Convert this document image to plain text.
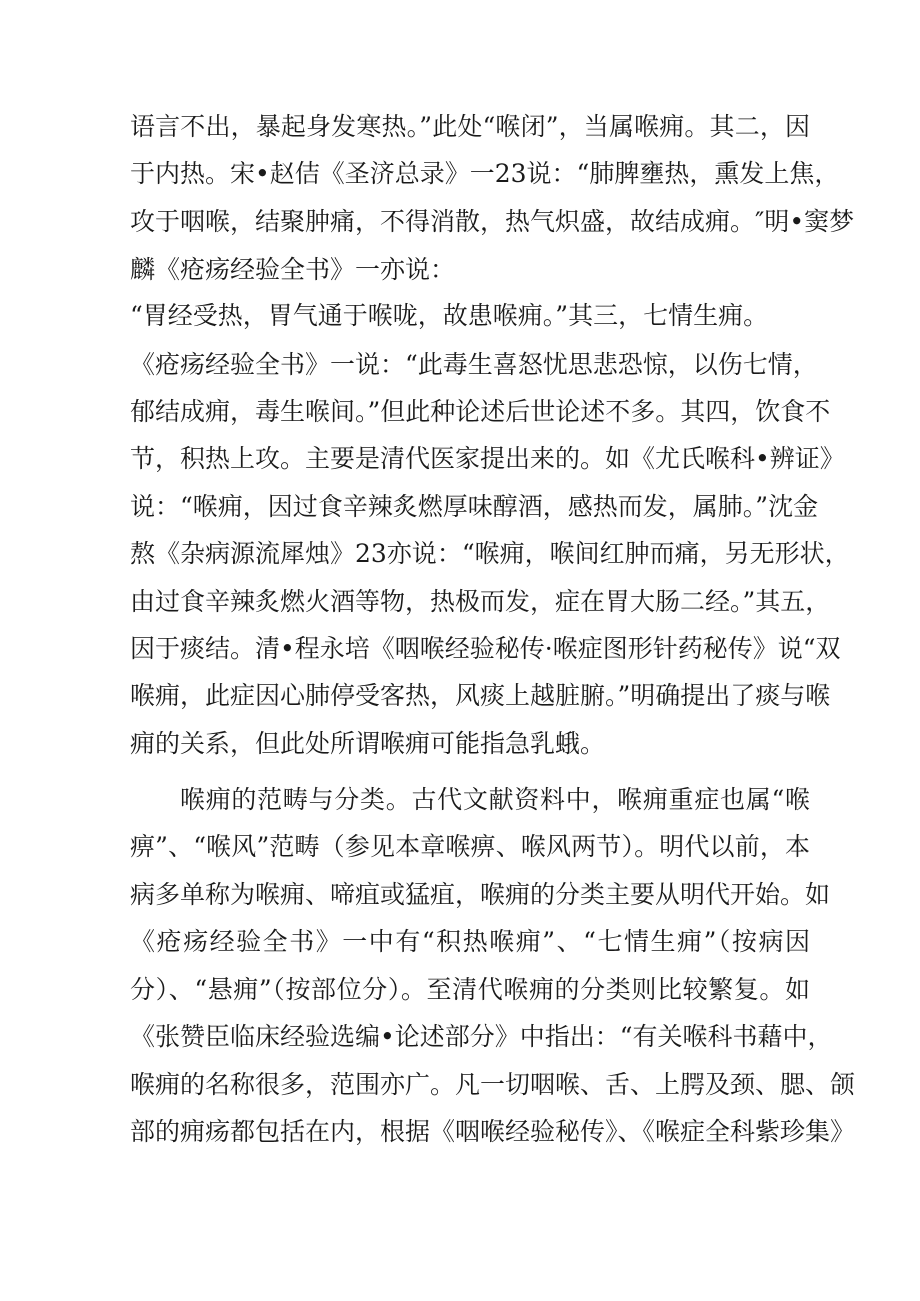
语言不出，暴起身发寒热。”此处“喉闭”，当属喉痈。其二，因
于内热。宋•赵佶《圣济总录》一23说：“肺脾壅热，熏发上焦，
攻于咽喉，结聚肿痛，不得消散，热气炽盛，故结成痈。″明•窦梦
麟《疮疡经验全书》一亦说：
“胃经受热，胃气通于喉咙，故患喉痈。”其三，七情生痈。
《疮疡经验全书》一说：“此毒生喜怒忧思悲恐惊，以伤七情，
郁结成痈，毒生喉间。”但此种论述后世论述不多。其四，饮食不
节，积热上攻。主要是清代医家提出来的。如《尤氏喉科•辨证》
说：“喉痈，因过食辛辣炙燃厚味醇酒，感热而发，属肺。”沈金
熬《杂病源流犀烛》23亦说：“喉痈，喉间红肿而痛，另无形状，
由过食辛辣炙燃火酒等物，热极而发，症在胃大肠二经。”其五，
因于痰结。清•程永培《咽喉经验秘传·喉症图形针药秘传》说“双
喉痈，此症因心肺停受客热，风痰上越脏腑。”明确提出了痰与喉
痈的关系，但此处所谓喉痈可能指急乳蛾。
喉痈的范畴与分类。古代文献资料中，喉痈重症也属“喉
痹”、“喉风”范畴（参见本章喉痹、喉风两节）。明代以前，本
病多单称为喉痈、啼疽或猛疽，喉痈的分类主要从明代开始。如
《疮疡经验全书》一中有“积热喉痈”、“七情生痈”（按病因
分）、“悬痈”（按部位分）。至清代喉痈的分类则比较繁复。如
《张赞臣临床经验选编•论述部分》中指出：“有关喉科书藉中，
喉痈的名称很多，范围亦广。凡一切咽喉、舌、上腭及颈、腮、颌
部的痈疡都包括在内，根据《咽喉经验秘传》、《喉症全科紫珍集》
